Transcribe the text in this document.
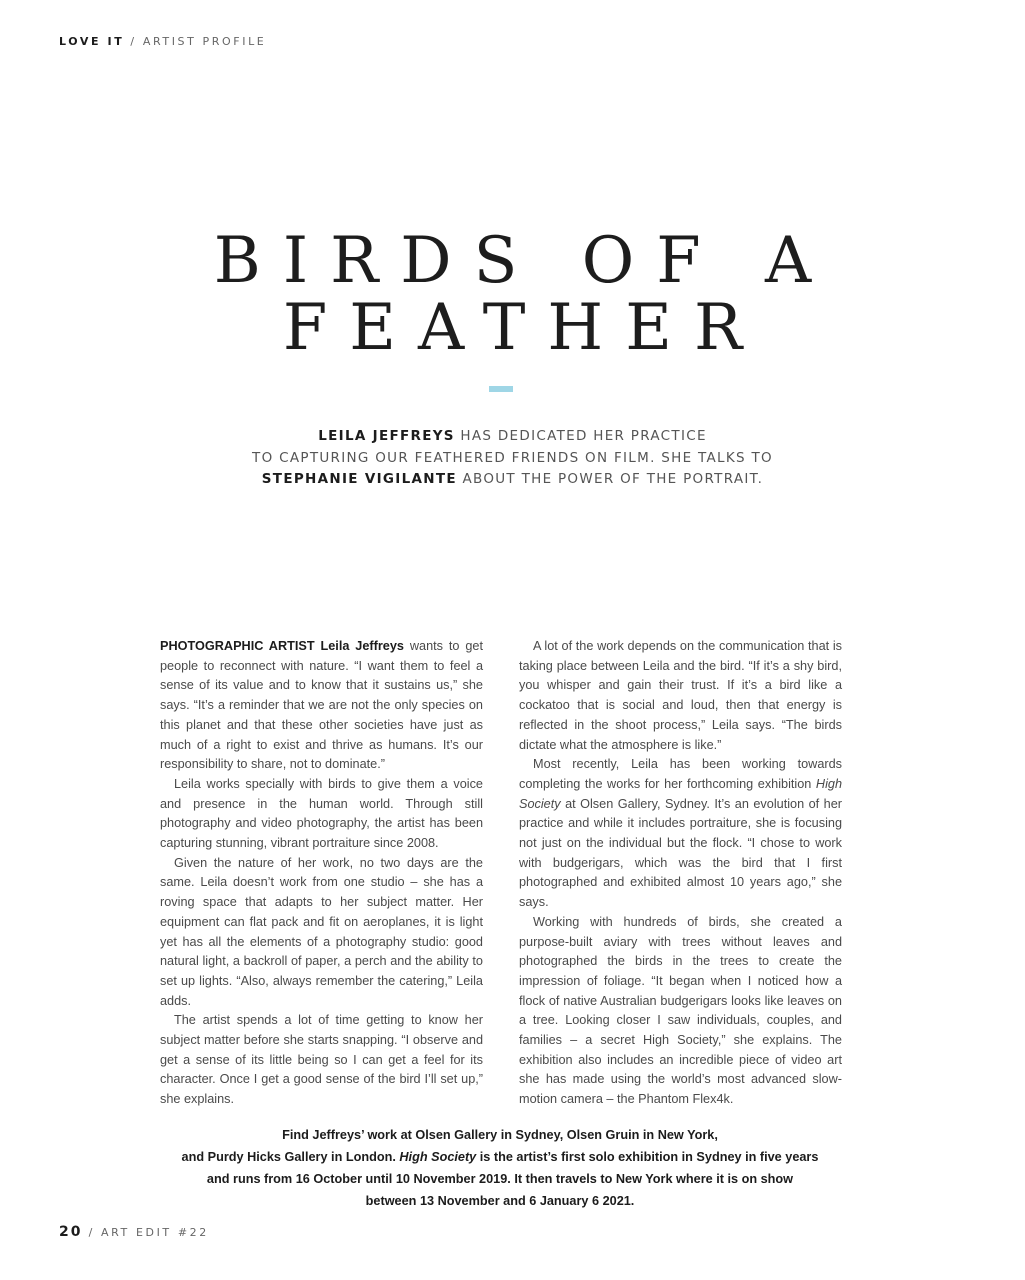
LOVE IT / ARTIST PROFILE
BIRDS OF A
FEATHER
LEILA JEFFREYS HAS DEDICATED HER PRACTICE
TO CAPTURING OUR FEATHERED FRIENDS ON FILM. SHE TALKS TO
STEPHANIE VIGILANTE ABOUT THE POWER OF THE PORTRAIT.

PHOTOGRAPHIC ARTIST Leila Jeffreys wants to get people to reconnect with nature. “I want them to feel a sense of its value and to know that it sustains us,” she says. “It’s a reminder that we are not the only species on this planet and that these other societies have just as much of a right to exist and thrive as humans. It’s our responsibility to share, not to dominate.”

Leila works specially with birds to give them a voice and presence in the human world. Through still photography and video photography, the artist has been capturing stunning, vibrant portraiture since 2008.

Given the nature of her work, no two days are the same. Leila doesn’t work from one studio – she has a roving space that adapts to her subject matter. Her equipment can flat pack and fit on aeroplanes, it is light yet has all the elements of a photography studio: good natural light, a backroll of paper, a perch and the ability to set up lights. “Also, always remember the catering,” Leila adds.

The artist spends a lot of time getting to know her subject matter before she starts snapping. “I observe and get a sense of its little being so I can get a feel for its character. Once I get a good sense of the bird I’ll set up,” she explains.

A lot of the work depends on the communication that is taking place between Leila and the bird. “If it’s a shy bird, you whisper and gain their trust. If it’s a bird like a cockatoo that is social and loud, then that energy is reflected in the shoot process,” Leila says. “The birds dictate what the atmosphere is like.”

Most recently, Leila has been working towards completing the works for her forthcoming exhibition High Society at Olsen Gallery, Sydney. It’s an evolution of her practice and while it includes portraiture, she is focusing not just on the individual but the flock. “I chose to work with budgerigars, which was the bird that I first photographed and exhibited almost 10 years ago,” she says.

Working with hundreds of birds, she created a purpose-built aviary with trees without leaves and photographed the birds in the trees to create the impression of foliage. “It began when I noticed how a flock of native Australian budgerigars looks like leaves on a tree. Looking closer I saw individuals, couples, and families – a secret High Society,” she explains. The exhibition also includes an incredible piece of video art she has made using the world’s most advanced slow-motion camera – the Phantom Flex4k.

Find Jeffreys’ work at Olsen Gallery in Sydney, Olsen Gruin in New York,
and Purdy Hicks Gallery in London. High Society is the artist’s first solo exhibition in Sydney in five years
and runs from 16 October until 10 November 2019. It then travels to New York where it is on show
between 13 November and 6 January 6 2021.
20 / ART EDIT #22
